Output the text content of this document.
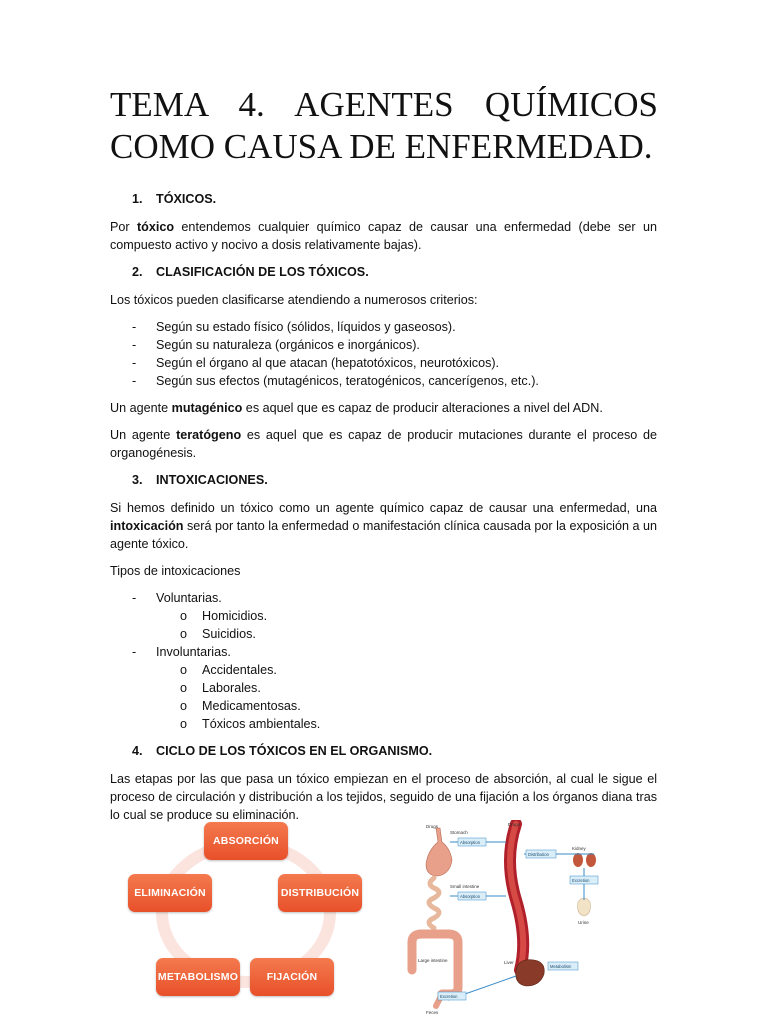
TEMA 4. AGENTES QUÍMICOS COMO CAUSA DE ENFERMEDAD.
1.	TÓXICOS.

Por tóxico entendemos cualquier químico capaz de causar una enfermedad (debe ser un compuesto activo y nocivo a dosis relativamente bajas).

2.	CLASIFICACIÓN DE LOS TÓXICOS.

Los tóxicos pueden clasificarse atendiendo a numerosos criterios:

- Según su estado físico (sólidos, líquidos y gaseosos).
- Según su naturaleza (orgánicos e inorgánicos).
- Según el órgano al que atacan (hepatotóxicos, neurotóxicos).
- Según sus efectos (mutagénicos, teratogénicos, cancerígenos, etc.).

Un agente mutagénico es aquel que es capaz de producir alteraciones a nivel del ADN.

Un agente teratógeno es aquel que es capaz de producir mutaciones durante el proceso de organogénesis.

3.	INTOXICACIONES.

Si hemos definido un tóxico como un agente químico capaz de causar una enfermedad, una intoxicación será por tanto la enfermedad o manifestación clínica causada por la exposición a un agente tóxico.

Tipos de intoxicaciones

- Voluntarias.
o Homicidios.
o Suicidios.
- Involuntarias.
o Accidentales.
o Laborales.
o Medicamentosas.
o Tóxicos ambientales.
4.	CICLO DE LOS TÓXICOS EN EL ORGANISMO.

Las etapas por las que pasa un tóxico empiezan en el proceso de absorción, al cual le sigue el proceso de circulación y distribución a los tejidos, seguido de una fijación a los órganos diana tras lo cual se produce su eliminación.

ABSORCIÓN
DISTRIBUCIÓN
FIJACIÓN
METABOLISMO
ELIMINACIÓN
Drugs	Drugs
Stomach
Small intestine
Large intestine
Feces
Liver
Kidney
Urine
Absorption
Absorption
Distribution
Excretion
Metabolism
Excretion
